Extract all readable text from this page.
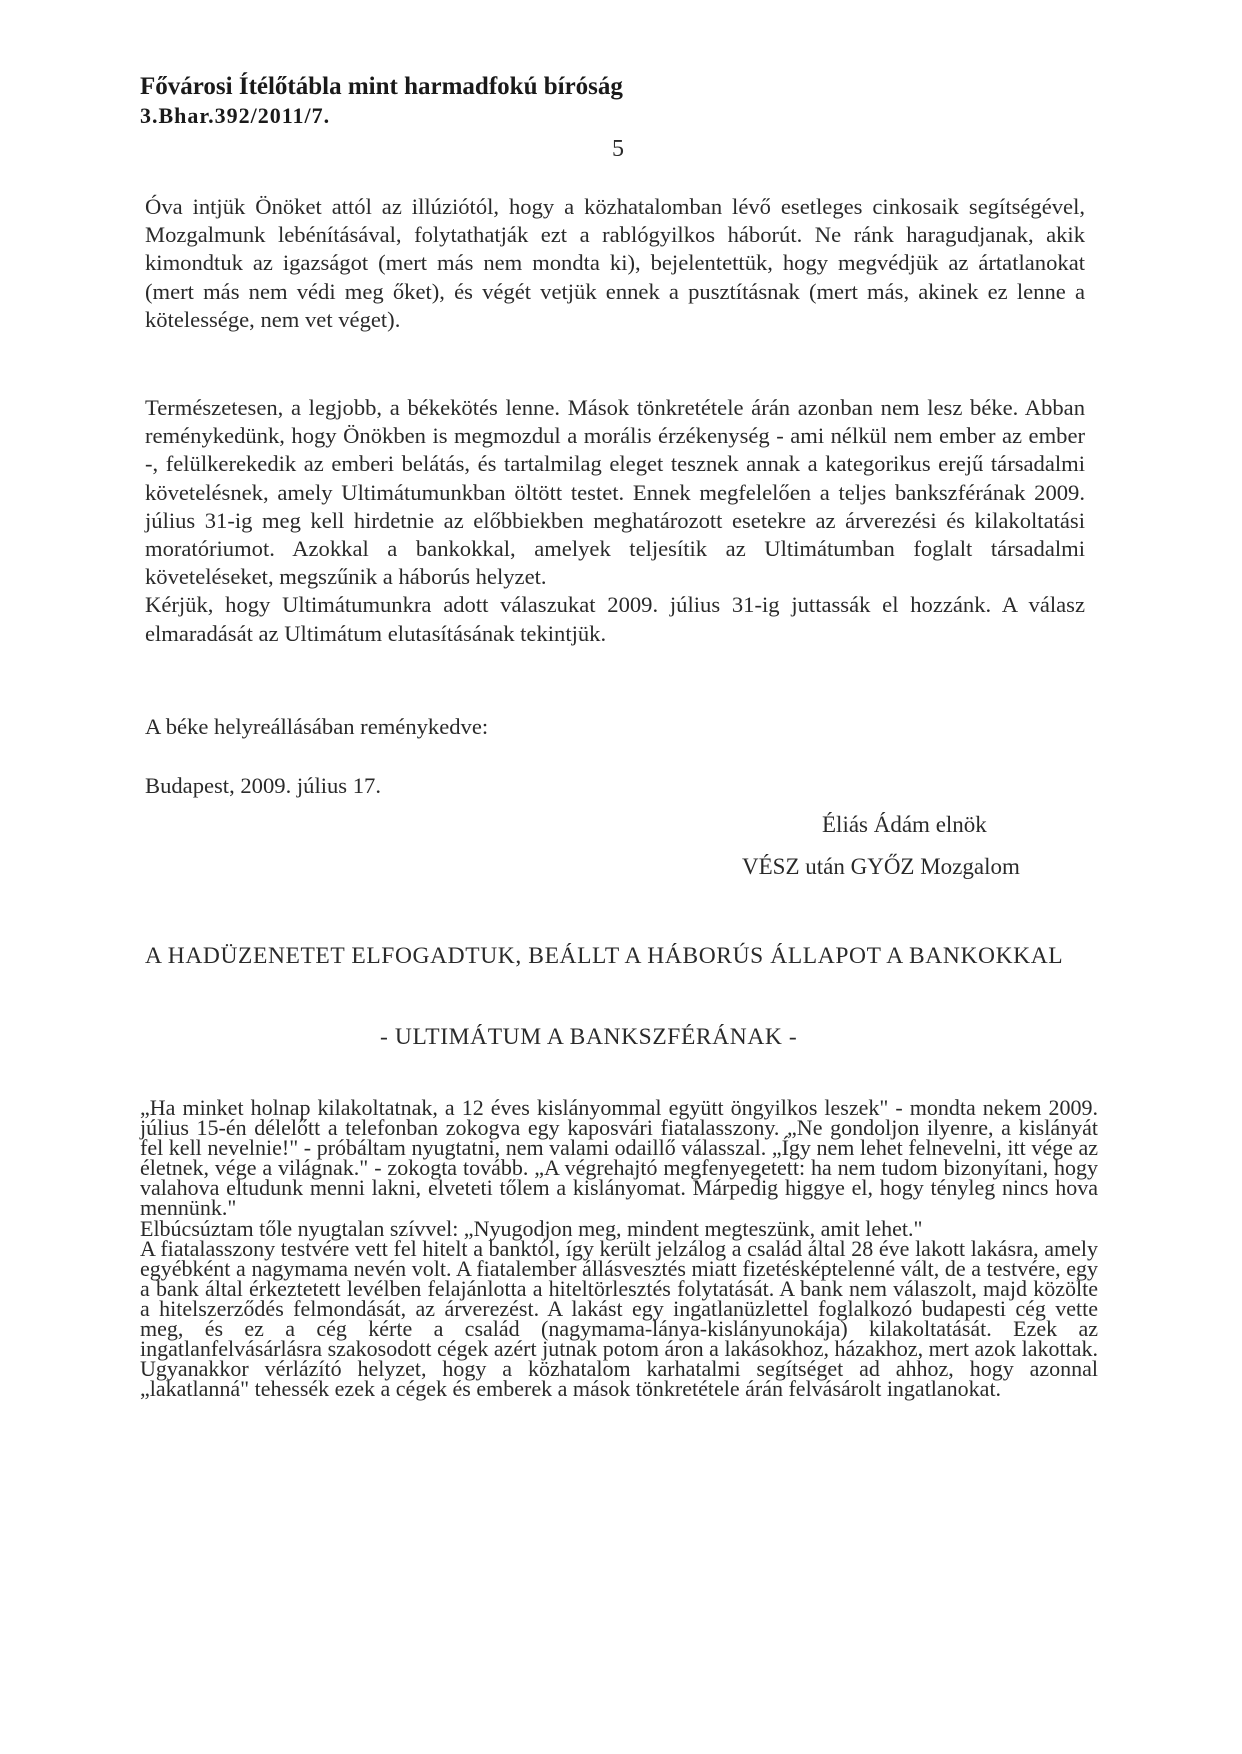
Fővárosi Ítélőtábla mint harmadfokú bíróság
3.Bhar.392/2011/7.
5

Óva intjük Önöket attól az illúziótól, hogy a közhatalomban lévő esetleges cinkosaik segítségével, Mozgalmunk lebénításával, folytathatják ezt a rablógyilkos háborút. Ne ránk haragudjanak, akik kimondtuk az igazságot (mert más nem mondta ki), bejelentettük, hogy megvédjük az ártatlanokat (mert más nem védi meg őket), és végét vetjük ennek a pusztításnak (mert más, akinek ez lenne a kötelessége, nem vet véget).

Természetesen, a legjobb, a békekötés lenne. Mások tönkretétele árán azonban nem lesz béke. Abban reménykedünk, hogy Önökben is megmozdul a morális érzékenység - ami nélkül nem ember az ember -, felülkerekedik az emberi belátás, és tartalmilag eleget tesznek annak a kategorikus erejű társadalmi követelésnek, amely Ultimátumunkban öltött testet. Ennek megfelelően a teljes bankszférának 2009. július 31-ig meg kell hirdetnie az előbbiekben meghatározott esetekre az árverezési és kilakoltatási moratóriumot. Azokkal a bankokkal, amelyek teljesítik az Ultimátumban foglalt társadalmi követeléseket, megszűnik a háborús helyzet.

Kérjük, hogy Ultimátumunkra adott válaszukat 2009. július 31-ig juttassák el hozzánk. A válasz elmaradását az Ultimátum elutasításának tekintjük.

A béke helyreállásában reménykedve:
Budapest, 2009. július 17.
Éliás Ádám elnök
VÉSZ után GYŐZ Mozgalom
A HADÜZENETET ELFOGADTUK, BEÁLLT A HÁBORÚS ÁLLAPOT A BANKOKKAL
- ULTIMÁTUM A BANKSZFÉRÁNAK -

„Ha minket holnap kilakoltatnak, a 12 éves kislányommal együtt öngyilkos leszek" - mondta nekem 2009. július 15-én délelőtt a telefonban zokogva egy kaposvári fiatalasszony. „Ne gondoljon ilyenre, a kislányát fel kell nevelnie!" - próbáltam nyugtatni, nem valami odaillő válasszal. „Így nem lehet felnevelni, itt vége az életnek, vége a világnak." - zokogta tovább. „A végrehajtó megfenyegetett: ha nem tudom bizonyítani, hogy valahova eltudunk menni lakni, elveteti tőlem a kislányomat. Márpedig higgye el, hogy tényleg nincs hova mennünk."

Elbúcsúztam tőle nyugtalan szívvel: „Nyugodjon meg, mindent megteszünk, amit lehet."

A fiatalasszony testvére vett fel hitelt a banktól, így került jelzálog a család által 28 éve lakott lakásra, amely egyébként a nagymama nevén volt. A fiatalember állásvesztés miatt fizetésképtelenné vált, de a testvére, egy a bank által érkeztetett levélben felajánlotta a hiteltörlesztés folytatását. A bank nem válaszolt, majd közölte a hitelszerződés felmondását, az árverezést. A lakást egy ingatlanüzlettel foglalkozó budapesti cég vette meg, és ez a cég kérte a család (nagymama-lánya-kislányunokája) kilakoltatását. Ezek az ingatlanfelvásárlásra szakosodott cégek azért jutnak potom áron a lakásokhoz, házakhoz, mert azok lakottak. Ugyanakkor vérlázító helyzet, hogy a közhatalom karhatalmi segítséget ad ahhoz, hogy azonnal „lakatlanná" tehessék ezek a cégek és emberek a mások tönkretétele árán felvásárolt ingatlanokat.
